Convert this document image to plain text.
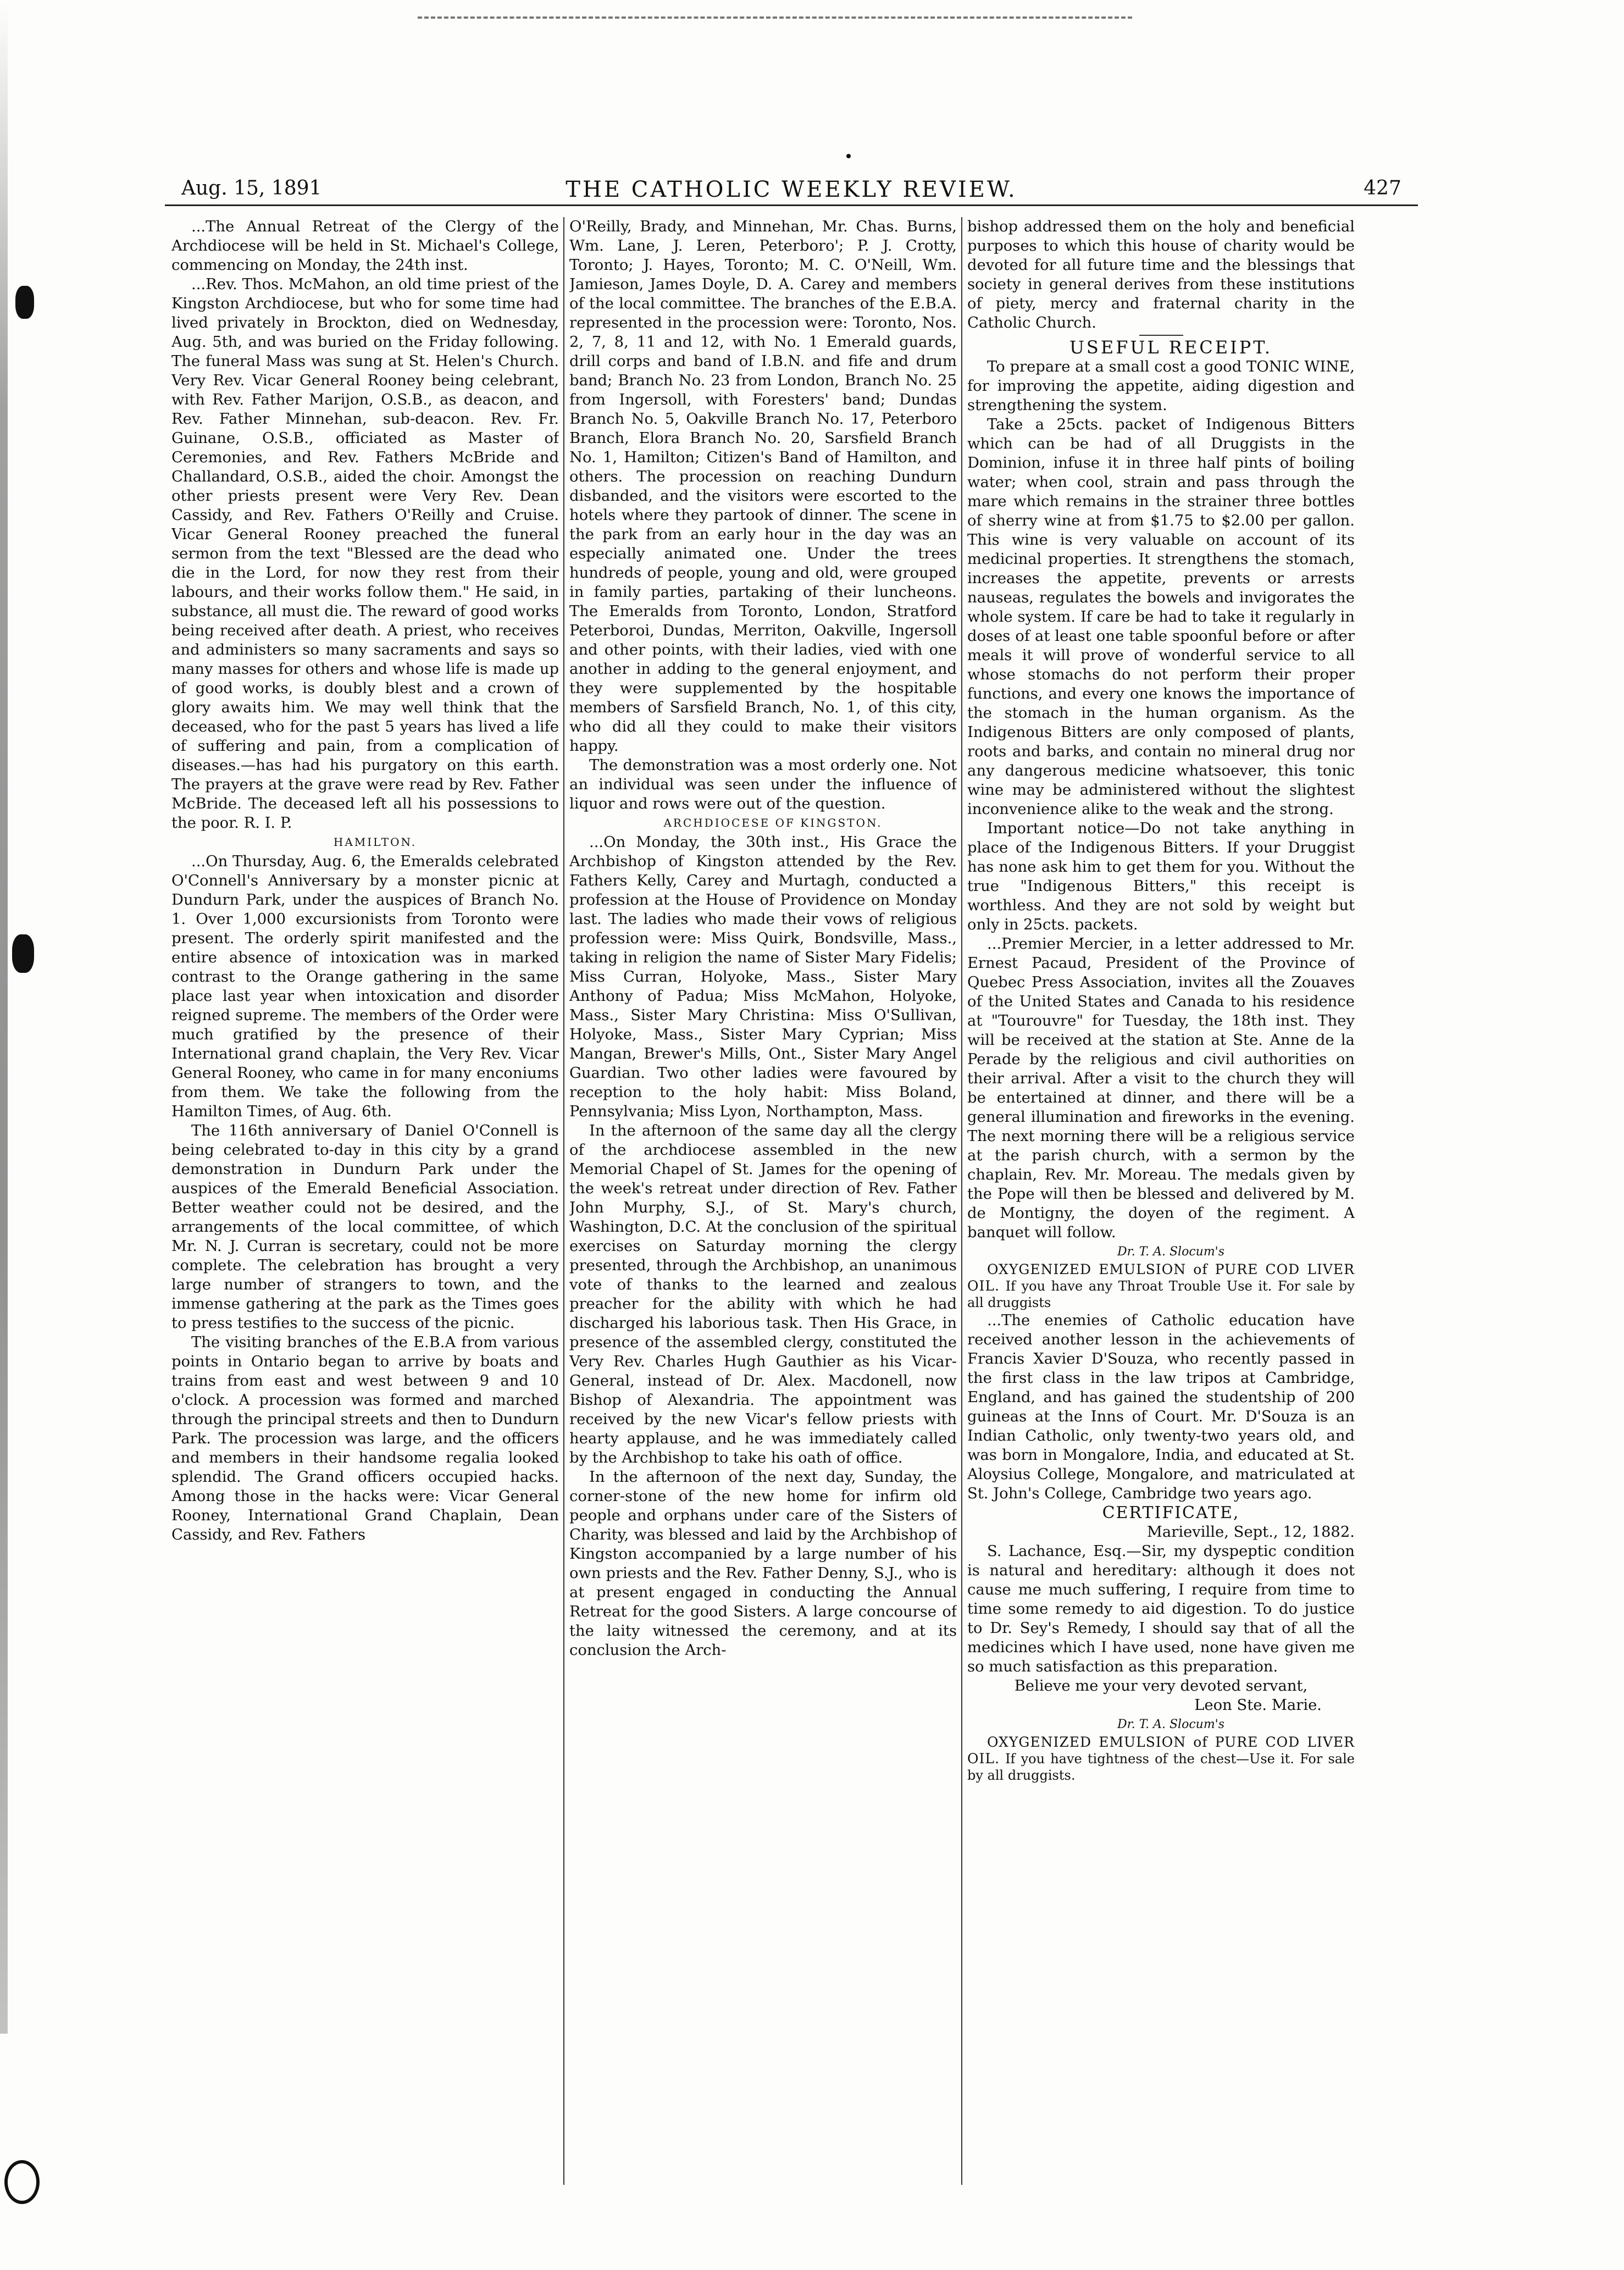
Aug. 15, 1891	THE CATHOLIC WEEKLY REVIEW.	427

...The Annual Retreat of the Clergy of the Archdiocese will be held in St. Michael's College, commencing on Monday, the 24th inst.

...Rev. Thos. McMahon, an old time priest of the Kingston Archdiocese, but who for some time had lived privately in Brockton, died on Wednesday, Aug. 5th, and was buried on the Friday following. The funeral Mass was sung at St. Helen's Church. Very Rev. Vicar General Rooney being celebrant, with Rev. Father Marijon, O.S.B., as deacon, and Rev. Father Minnehan, sub-deacon. Rev. Fr. Guinane, O.S.B., officiated as Master of Ceremonies, and Rev. Fathers McBride and Challandard, O.S.B., aided the choir. Amongst the other priests present were Very Rev. Dean Cassidy, and Rev. Fathers O'Reilly and Cruise. Vicar General Rooney preached the funeral sermon from the text "Blessed are the dead who die in the Lord, for now they rest from their labours, and their works follow them." He said, in substance, all must die. The reward of good works being received after death. A priest, who receives and administers so many sacraments and says so many masses for others and whose life is made up of good works, is doubly blest and a crown of glory awaits him. We may well think that the deceased, who for the past 5 years has lived a life of suffering and pain, from a complication of diseases.—has had his purgatory on this earth. The prayers at the grave were read by Rev. Father McBride. The deceased left all his possessions to the poor. R. I. P.

HAMILTON.

...On Thursday, Aug. 6, the Emeralds celebrated O'Connell's Anniversary by a monster picnic at Dundurn Park, under the auspices of Branch No. 1. Over 1,000 excursionists from Toronto were present. The orderly spirit manifested and the entire absence of intoxication was in marked contrast to the Orange gathering in the same place last year when intoxication and disorder reigned supreme. The members of the Order were much gratified by the presence of their International grand chaplain, the Very Rev. Vicar General Rooney, who came in for many enconiums from them. We take the following from the Hamilton Times, of Aug. 6th.

The 116th anniversary of Daniel O'Connell is being celebrated to-day in this city by a grand demonstration in Dundurn Park under the auspices of the Emerald Beneficial Association. Better weather could not be desired, and the arrangements of the local committee, of which Mr. N. J. Curran is secretary, could not be more complete. The celebration has brought a very large number of strangers to town, and the immense gathering at the park as the Times goes to press testifies to the success of the picnic.

The visiting branches of the E.B.A from various points in Ontario began to arrive by boats and trains from east and west between 9 and 10 o'clock. A procession was formed and marched through the principal streets and then to Dundurn Park. The procession was large, and the officers and members in their handsome regalia looked splendid. The Grand officers occupied hacks. Among those in the hacks were: Vicar General Rooney, International Grand Chaplain, Dean Cassidy, and Rev. Fathers

O'Reilly, Brady, and Minnehan, Mr. Chas. Burns, Wm. Lane, J. Leren, Peterboro'; P. J. Crotty, Toronto; J. Hayes, Toronto; M. C. O'Neill, Wm. Jamieson, James Doyle, D. A. Carey and members of the local committee. The branches of the E.B.A. represented in the procession were: Toronto, Nos. 2, 7, 8, 11 and 12, with No. 1 Emerald guards, drill corps and band of I.B.N. and fife and drum band; Branch No. 23 from London, Branch No. 25 from Ingersoll, with Foresters' band; Dundas Branch No. 5, Oakville Branch No. 17, Peterboro Branch, Elora Branch No. 20, Sarsfield Branch No. 1, Hamilton; Citizen's Band of Hamilton, and others. The procession on reaching Dundurn disbanded, and the visitors were escorted to the hotels where they partook of dinner. The scene in the park from an early hour in the day was an especially animated one. Under the trees hundreds of people, young and old, were grouped in family parties, partaking of their luncheons. The Emeralds from Toronto, London, Stratford Peterboroi, Dundas, Merriton, Oakville, Ingersoll and other points, with their ladies, vied with one another in adding to the general enjoyment, and they were supplemented by the hospitable members of Sarsfield Branch, No. 1, of this city, who did all they could to make their visitors happy.

The demonstration was a most orderly one. Not an individual was seen under the influence of liquor and rows were out of the question.

ARCHDIOCESE OF KINGSTON.

...On Monday, the 30th inst., His Grace the Archbishop of Kingston attended by the Rev. Fathers Kelly, Carey and Murtagh, conducted a profession at the House of Providence on Monday last. The ladies who made their vows of religious profession were: Miss Quirk, Bondsville, Mass., taking in religion the name of Sister Mary Fidelis; Miss Curran, Holyoke, Mass., Sister Mary Anthony of Padua; Miss McMahon, Holyoke, Mass., Sister Mary Christina: Miss O'Sullivan, Holyoke, Mass., Sister Mary Cyprian; Miss Mangan, Brewer's Mills, Ont., Sister Mary Angel Guardian. Two other ladies were favoured by reception to the holy habit: Miss Boland, Pennsylvania; Miss Lyon, Northampton, Mass.

In the afternoon of the same day all the clergy of the archdiocese assembled in the new Memorial Chapel of St. James for the opening of the week's retreat under direction of Rev. Father John Murphy, S.J., of St. Mary's church, Washington, D.C. At the conclusion of the spiritual exercises on Saturday morning the clergy presented, through the Archbishop, an unanimous vote of thanks to the learned and zealous preacher for the ability with which he had discharged his laborious task. Then His Grace, in presence of the assembled clergy, constituted the Very Rev. Charles Hugh Gauthier as his Vicar-General, instead of Dr. Alex. Macdonell, now Bishop of Alexandria. The appointment was received by the new Vicar's fellow priests with hearty applause, and he was immediately called by the Archbishop to take his oath of office.

In the afternoon of the next day, Sunday, the corner-stone of the new home for infirm old people and orphans under care of the Sisters of Charity, was blessed and laid by the Archbishop of Kingston accompanied by a large number of his own priests and the Rev. Father Denny, S.J., who is at present engaged in conducting the Annual Retreat for the good Sisters. A large concourse of the laity witnessed the ceremony, and at its conclusion the Arch-

bishop addressed them on the holy and beneficial purposes to which this house of charity would be devoted for all future time and the blessings that society in general derives from these institutions of piety, mercy and fraternal charity in the Catholic Church.

USEFUL RECEIPT.

To prepare at a small cost a good TONIC WINE, for improving the appetite, aiding digestion and strengthening the system.

Take a 25cts. packet of Indigenous Bitters which can be had of all Druggists in the Dominion, infuse it in three half pints of boiling water; when cool, strain and pass through the mare which remains in the strainer three bottles of sherry wine at from $1.75 to $2.00 per gallon. This wine is very valuable on account of its medicinal properties. It strengthens the stomach, increases the appetite, prevents or arrests nauseas, regulates the bowels and invigorates the whole system. If care be had to take it regularly in doses of at least one table spoonful before or after meals it will prove of wonderful service to all whose stomachs do not perform their proper functions, and every one knows the importance of the stomach in the human organism. As the Indigenous Bitters are only composed of plants, roots and barks, and contain no mineral drug nor any dangerous medicine whatsoever, this tonic wine may be administered without the slightest inconvenience alike to the weak and the strong.

Important notice—Do not take anything in place of the Indigenous Bitters. If your Druggist has none ask him to get them for you. Without the true "Indigenous Bitters," this receipt is worthless. And they are not sold by weight but only in 25cts. packets.

...Premier Mercier, in a letter addressed to Mr. Ernest Pacaud, President of the Province of Quebec Press Association, invites all the Zouaves of the United States and Canada to his residence at "Tourouvre" for Tuesday, the 18th inst. They will be received at the station at Ste. Anne de la Perade by the religious and civil authorities on their arrival. After a visit to the church they will be entertained at dinner, and there will be a general illumination and fireworks in the evening. The next morning there will be a religious service at the parish church, with a sermon by the chaplain, Rev. Mr. Moreau. The medals given by the Pope will then be blessed and delivered by M. de Montigny, the doyen of the regiment. A banquet will follow.

Dr. T. A. Slocum's

OXYGENIZED EMULSION of PURE COD LIVER OIL. If you have any Throat Trouble Use it. For sale by all druggists

...The enemies of Catholic education have received another lesson in the achievements of Francis Xavier D'Souza, who recently passed in the first class in the law tripos at Cambridge, England, and has gained the studentship of 200 guineas at the Inns of Court. Mr. D'Souza is an Indian Catholic, only twenty-two years old, and was born in Mongalore, India, and educated at St. Aloysius College, Mongalore, and matriculated at St. John's College, Cambridge two years ago.

CERTIFICATE,

Marieville, Sept., 12, 1882.

S. Lachance, Esq.—Sir, my dyspeptic condition is natural and hereditary: although it does not cause me much suffering, I require from time to time some remedy to aid digestion. To do justice to Dr. Sey's Remedy, I should say that of all the medicines which I have used, none have given me so much satisfaction as this preparation.

Believe me your very devoted servant,

Leon Ste. Marie.

Dr. T. A. Slocum's

OXYGENIZED EMULSION of PURE COD LIVER OIL. If you have tightness of the chest—Use it. For sale by all druggists.
